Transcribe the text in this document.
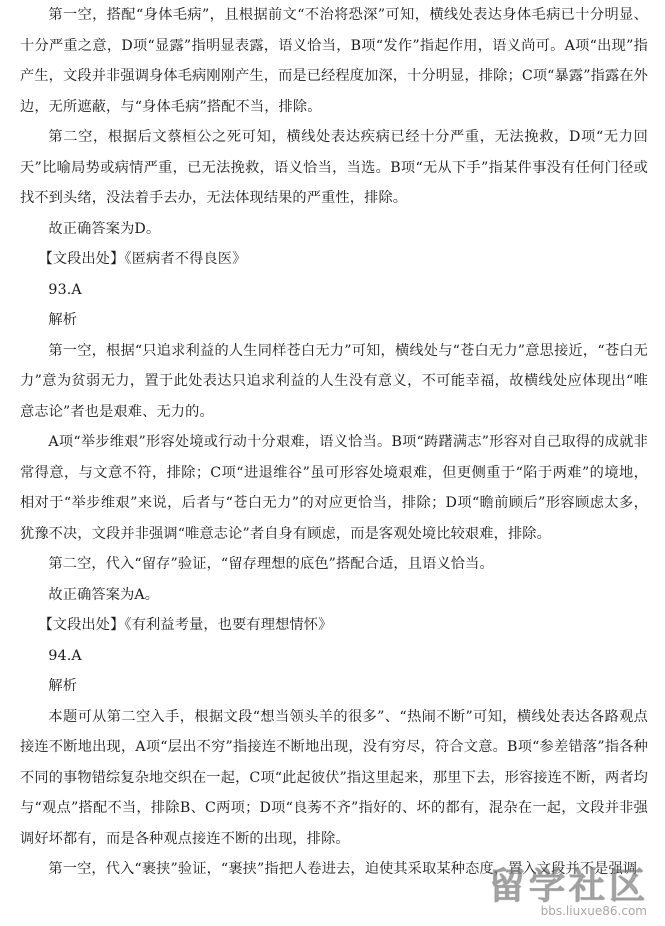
第一空，搭配“身体毛病”，且根据前文“不治将恐深”可知，横线处表达身体毛病已十分明显、十分严重之意，D项“显露”指明显表露，语义恰当，B项“发作”指起作用，语义尚可。A项“出现”指产生，文段并非强调身体毛病刚刚产生，而是已经程度加深，十分明显，排除；C项“暴露”指露在外边，无所遮蔽，与“身体毛病”搭配不当，排除。

第二空，根据后文蔡桓公之死可知，横线处表达疾病已经十分严重，无法挽救，D项“无力回天”比喻局势或病情严重，已无法挽救，语义恰当，当选。B项“无从下手”指某件事没有任何门径或找不到头绪，没法着手去办，无法体现结果的严重性，排除。

故正确答案为D。

【文段出处】《匿病者不得良医》

93.A

解析

第一空，根据“只追求利益的人生同样苍白无力”可知，横线处与“苍白无力”意思接近，“苍白无力”意为贫弱无力，置于此处表达只追求利益的人生没有意义，不可能幸福，故横线处应体现出“唯意志论”者也是艰难、无力的。

A项“举步维艰”形容处境或行动十分艰难，语义恰当。B项“踌躇满志”形容对自己取得的成就非常得意，与文意不符，排除；C项“进退维谷”虽可形容处境艰难，但更侧重于“陷于两难”的境地，相对于“举步维艰”来说，后者与“苍白无力”的对应更恰当，排除；D项“瞻前顾后”形容顾虑太多，犹豫不决，文段并非强调“唯意志论”者自身有顾虑，而是客观处境比较艰难，排除。

第二空，代入“留存”验证，“留存理想的底色”搭配合适，且语义恰当。

故正确答案为A。

【文段出处】《有利益考量，也要有理想情怀》

94.A

解析

本题可从第二空入手，根据文段“想当领头羊的很多”、“热闹不断”可知，横线处表达各路观点接连不断地出现，A项“层出不穷”指接连不断地出现，没有穷尽，符合文意。B项“参差错落”指各种不同的事物错综复杂地交织在一起，C项“此起彼伏”指这里起来，那里下去，形容接连不断，两者均与“观点”搭配不当，排除B、C两项；D项“良莠不齐”指好的、坏的都有，混杂在一起，文段并非强调好坏都有，而是各种观点接连不断的出现，排除。

第一空，代入“裹挟”验证，“裹挟”指把人卷进去，迫使其采取某种态度，置入文段并不是强调

留学社区
bbs.liuxue86.com
